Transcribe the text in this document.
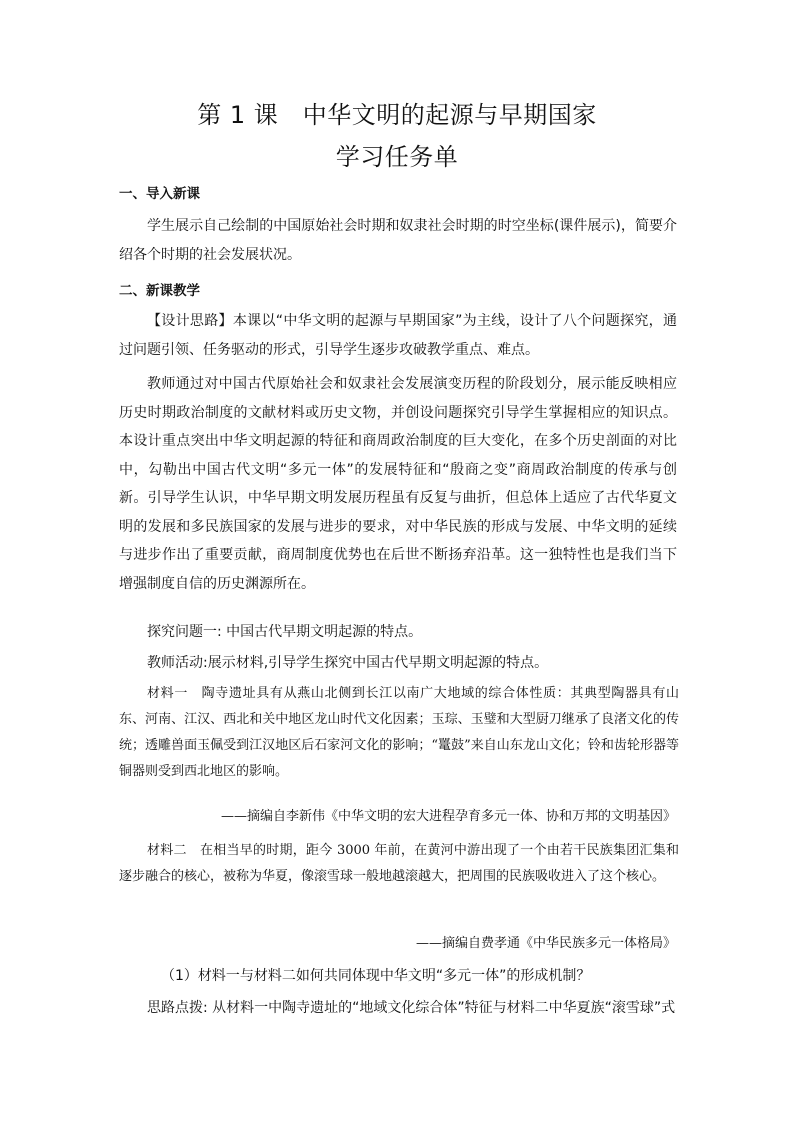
第 1 课　中华文明的起源与早期国家
学习任务单
一、导入新课

学生展示自己绘制的中国原始社会时期和奴隶社会时期的时空坐标(课件展示)，简要介绍各个时期的社会发展状况。

二、新课教学

【设计思路】本课以“中华文明的起源与早期国家”为主线，设计了八个问题探究，通过问题引领、任务驱动的形式，引导学生逐步攻破教学重点、难点。

教师通过对中国古代原始社会和奴隶社会发展演变历程的阶段划分，展示能反映相应历史时期政治制度的文献材料或历史文物，并创设问题探究引导学生掌握相应的知识点。本设计重点突出中华文明起源的特征和商周政治制度的巨大变化，在多个历史剖面的对比中，勾勒出中国古代文明“多元一体”的发展特征和“殷商之变”商周政治制度的传承与创新。引导学生认识，中华早期文明发展历程虽有反复与曲折，但总体上适应了古代华夏文明的发展和多民族国家的发展与进步的要求，对中华民族的形成与发展、中华文明的延续与进步作出了重要贡献，商周制度优势也在后世不断扬弃沿革。这一独特性也是我们当下增强制度自信的历史渊源所在。

探究问题一: 中国古代早期文明起源的特点。
教师活动:展示材料,引导学生探究中国古代早期文明起源的特点。

材料一　陶寺遗址具有从燕山北侧到长江以南广大地域的综合体性质：其典型陶器具有山东、河南、江汉、西北和关中地区龙山时代文化因素；玉琮、玉璧和大型厨刀继承了良渚文化的传统；透雕兽面玉佩受到江汉地区后石家河文化的影响；“鼍鼓”来自山东龙山文化；铃和齿轮形器等铜器则受到西北地区的影响。

——摘编自李新伟《中华文明的宏大进程孕育多元一体、协和万邦的文明基因》

材料二　在相当早的时期，距今 3000 年前，在黄河中游出现了一个由若干民族集团汇集和逐步融合的核心，被称为华夏，像滚雪球一般地越滚越大，把周围的民族吸收进入了这个核心。

——摘编自费孝通《中华民族多元一体格局》
（1）材料一与材料二如何共同体现中华文明“多元一体”的形成机制？
思路点拨: 从材料一中陶寺遗址的“地域文化综合体”特征与材料二中华夏族“滚雪球”式
